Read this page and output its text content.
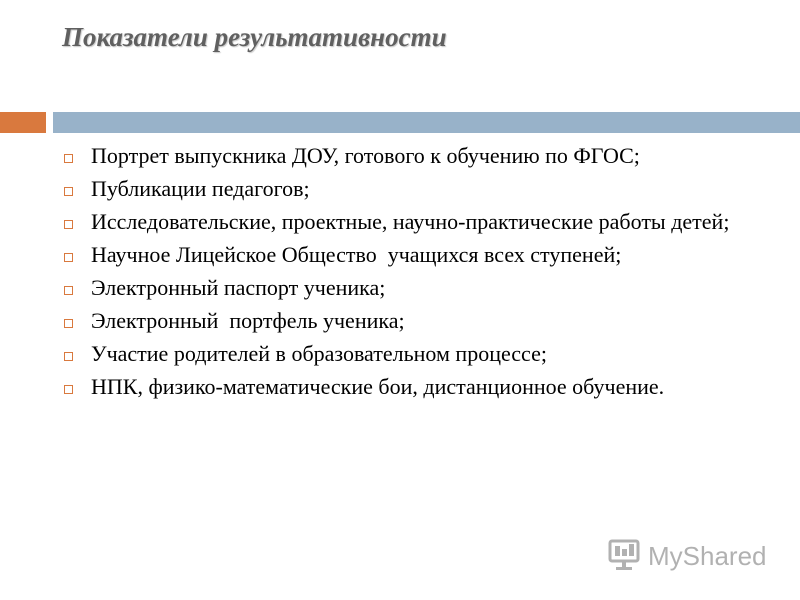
Показатели результативности
Портрет выпускника ДОУ, готового к обучению по ФГОС;
Публикации педагогов;
Исследовательские, проектные, научно-практические работы детей;
Научное Лицейское Общество  учащихся всех ступеней;
Электронный паспорт ученика;
Электронный  портфель ученика;
Участие родителей в образовательном процессе;
НПК, физико-математические бои, дистанционное обучение.
MyShared
